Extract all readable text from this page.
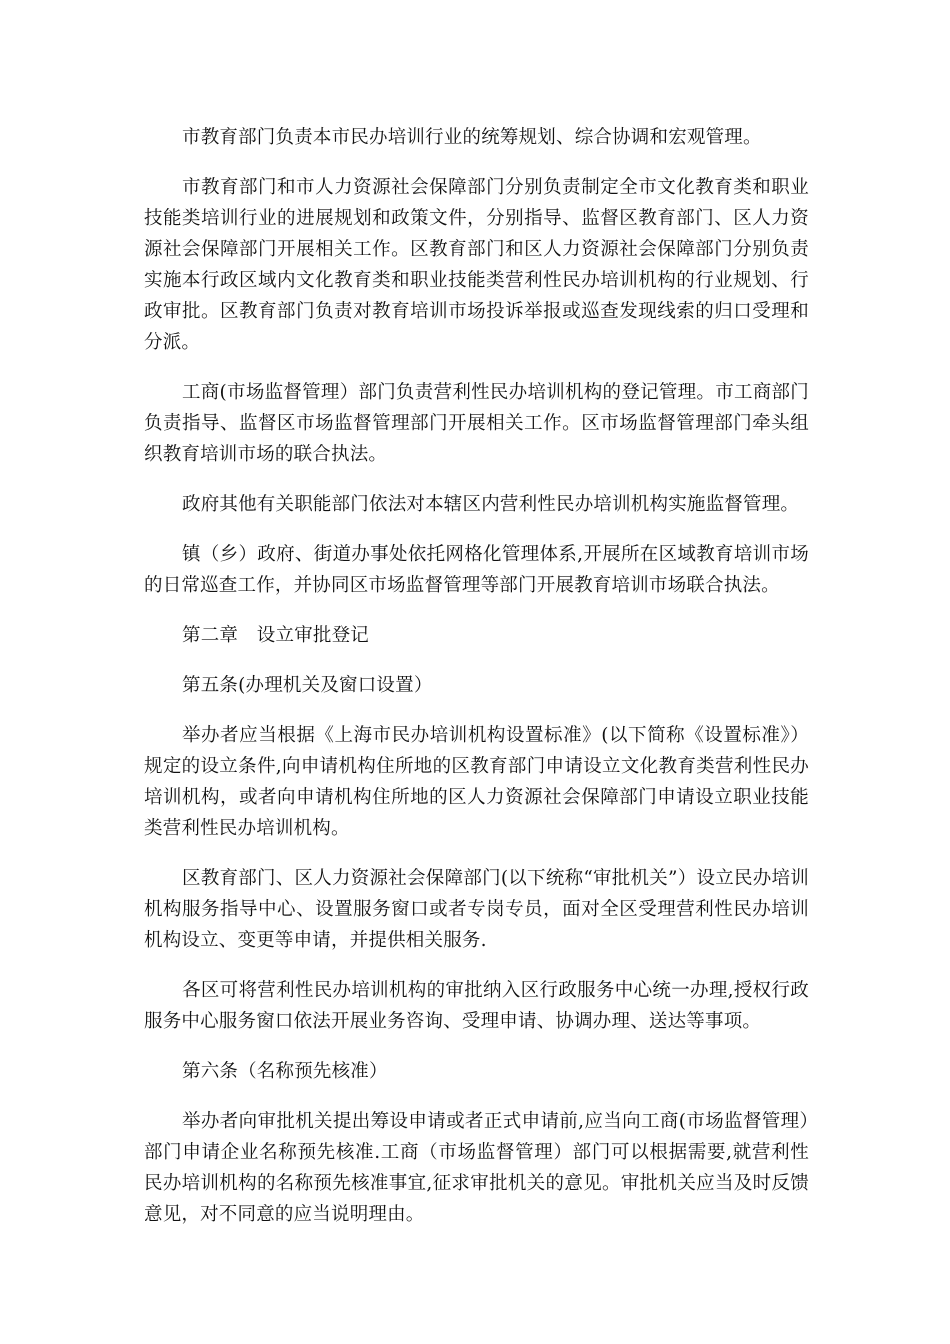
市教育部门负责本市民办培训行业的统筹规划、综合协调和宏观管理。

市教育部门和市人力资源社会保障部门分别负责制定全市文化教育类和职业技能类培训行业的进展规划和政策文件，分别指导、监督区教育部门、区人力资源社会保障部门开展相关工作。区教育部门和区人力资源社会保障部门分别负责实施本行政区域内文化教育类和职业技能类营利性民办培训机构的行业规划、行政审批。区教育部门负责对教育培训市场投诉举报或巡查发现线索的归口受理和分派。

工商(市场监督管理）部门负责营利性民办培训机构的登记管理。市工商部门负责指导、监督区市场监督管理部门开展相关工作。区市场监督管理部门牵头组织教育培训市场的联合执法。

政府其他有关职能部门依法对本辖区内营利性民办培训机构实施监督管理。

镇（乡）政府、街道办事处依托网格化管理体系,开展所在区域教育培训市场的日常巡查工作，并协同区市场监督管理等部门开展教育培训市场联合执法。

第二章　设立审批登记

第五条(办理机关及窗口设置）

举办者应当根据《上海市民办培训机构设置标准》(以下简称《设置标准》）规定的设立条件,向申请机构住所地的区教育部门申请设立文化教育类营利性民办培训机构，或者向申请机构住所地的区人力资源社会保障部门申请设立职业技能类营利性民办培训机构。

区教育部门、区人力资源社会保障部门(以下统称“审批机关”）设立民办培训机构服务指导中心、设置服务窗口或者专岗专员，面对全区受理营利性民办培训机构设立、变更等申请，并提供相关服务.

各区可将营利性民办培训机构的审批纳入区行政服务中心统一办理,授权行政服务中心服务窗口依法开展业务咨询、受理申请、协调办理、送达等事项。

第六条（名称预先核准）

举办者向审批机关提出筹设申请或者正式申请前,应当向工商(市场监督管理）部门申请企业名称预先核准.工商（市场监督管理）部门可以根据需要,就营利性民办培训机构的名称预先核准事宜,征求审批机关的意见。审批机关应当及时反馈意见，对不同意的应当说明理由。
